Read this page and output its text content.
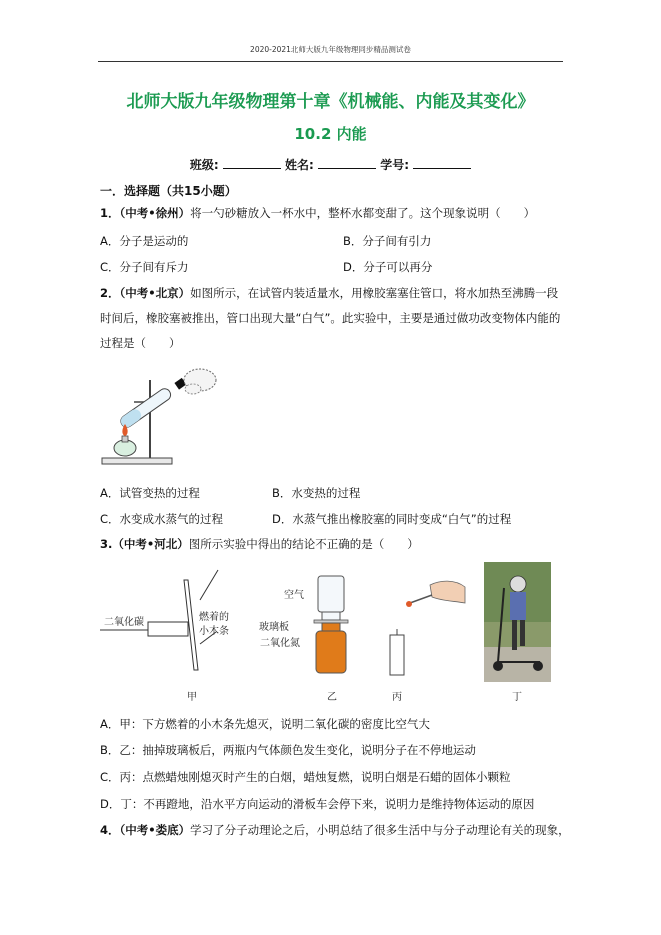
2020-2021北师大版九年级物理同步精品测试卷
北师大版九年级物理第十章《机械能、内能及其变化》
10.2 内能
班级:	姓名:	学号:
一．选择题（共15小题）
1．（中考•徐州）将一勺砂糖放入一杯水中，整杯水都变甜了。这个现象说明（　　）
A．分子是运动的	B．分子间有引力
C．分子间有斥力	D．分子可以再分
2．（中考•北京）如图所示，在试管内装适量水，用橡胶塞塞住管口，将水加热至沸腾一段
时间后，橡胶塞被推出，管口出现大量“白气”。此实验中，主要是通过做功改变物体内能的
过程是（　　）
A．试管变热的过程	B．水变热的过程
C．水变成水蒸气的过程	D．水蒸气推出橡胶塞的同时变成“白气”的过程
3.（中考•河北）图所示实验中得出的结论不正确的是（　　）
二氧化碳	燃着的
小木条
甲
空气
玻璃板
二氧化氮
乙	丙	丁
A．甲：下方燃着的小木条先熄灭，说明二氧化碳的密度比空气大
B．乙：抽掉玻璃板后，两瓶内气体颜色发生变化，说明分子在不停地运动
C．丙：点燃蜡烛刚熄灭时产生的白烟，蜡烛复燃，说明白烟是石蜡的固体小颗粒
D．丁：不再蹬地，沿水平方向运动的滑板车会停下来，说明力是维持物体运动的原因
4．（中考•娄底）学习了分子动理论之后，小明总结了很多生活中与分子动理论有关的现象，
